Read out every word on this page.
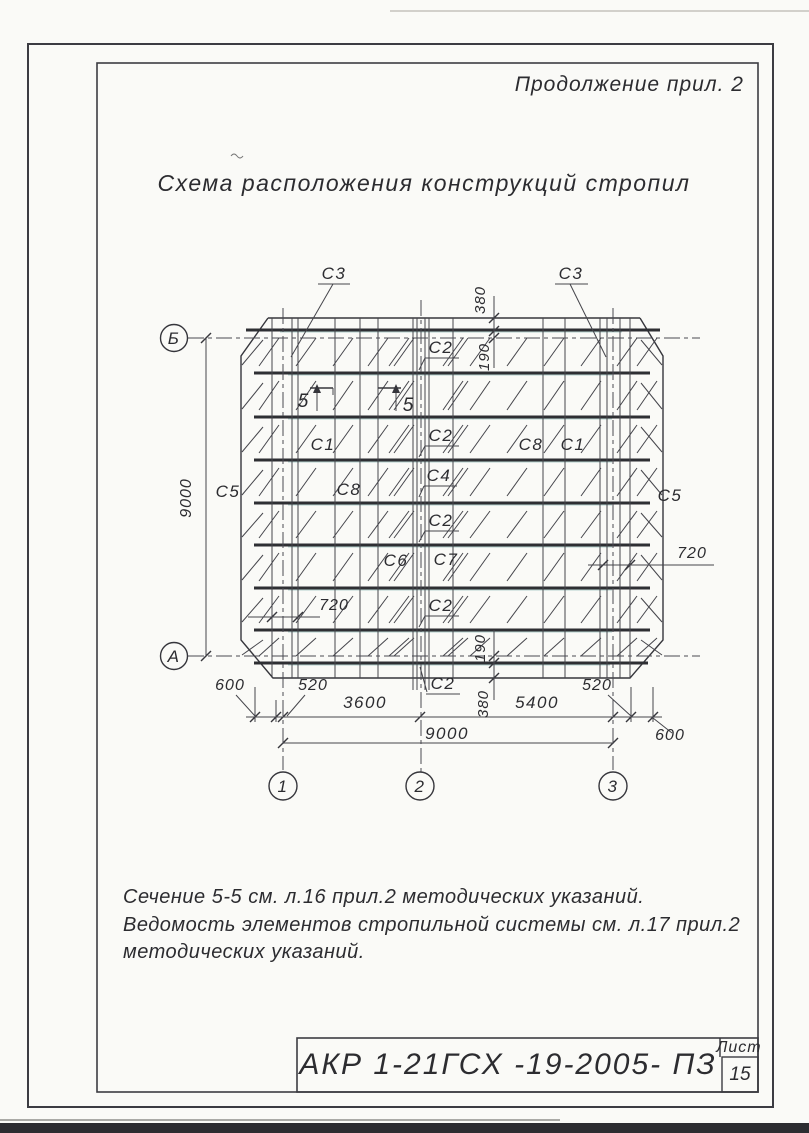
Продолжение прил. 2
Схема расположения конструкций стропил
Б
А
1	2	3
5	5
С3	С3
С2
С2
С4
С2
С2
С2
С1	С1
С8
С8
С5	С5
С6 С7
9000
9000
3600	5400
600
600
520	520
720
720
380
190
190
380
Сечение 5-5 см. л.16 прил.2 методических указаний.
Ведомость элементов стропильной системы см. л.17 прил.2
методических указаний.
АКР 1-21ГСХ -19-2005- ПЗ
Лист
15
